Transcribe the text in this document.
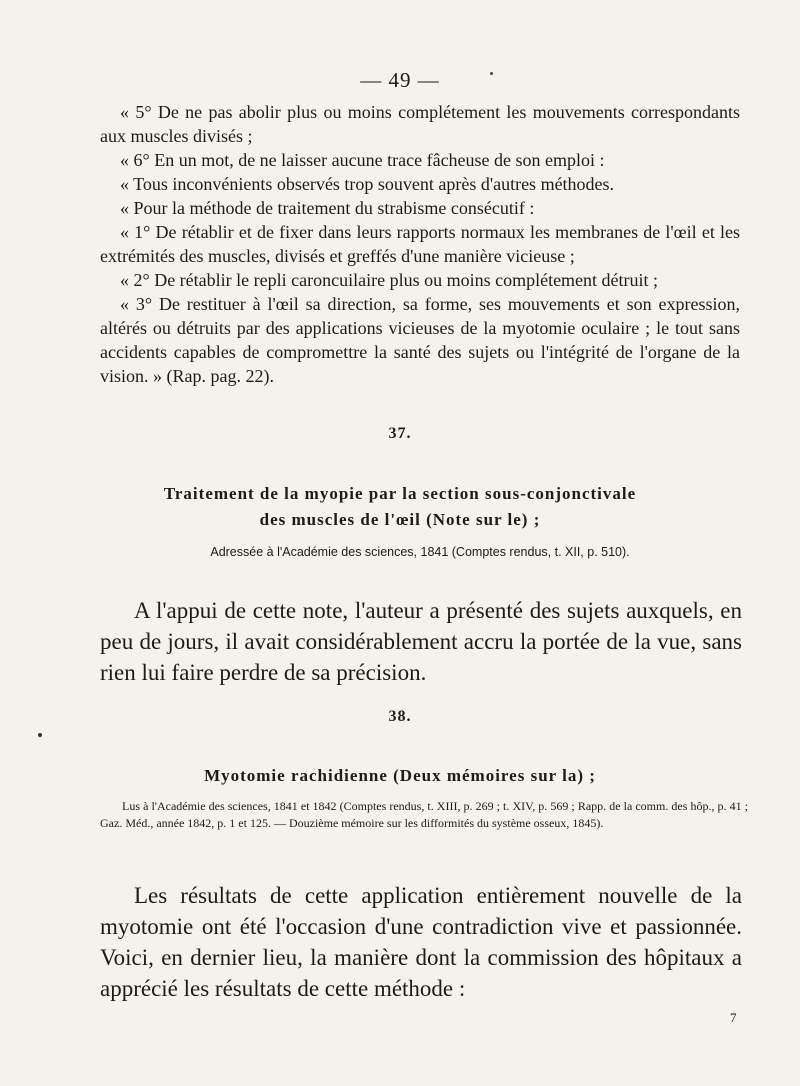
— 49 —

« 5° De ne pas abolir plus ou moins complétement les mouvements correspondants aux muscles divisés ;

« 6° En un mot, de ne laisser aucune trace fâcheuse de son emploi :

« Tous inconvénients observés trop souvent après d'autres méthodes.

« Pour la méthode de traitement du strabisme consécutif :

« 1° De rétablir et de fixer dans leurs rapports normaux les membranes de l'œil et les extrémités des muscles, divisés et greffés d'une manière vicieuse ;

« 2° De rétablir le repli caroncuilaire plus ou moins complétement détruit ;

« 3° De restituer à l'œil sa direction, sa forme, ses mouvements et son expression, altérés ou détruits par des applications vicieuses de la myotomie oculaire ; le tout sans accidents capables de compromettre la santé des sujets ou l'intégrité de l'organe de la vision. » (Rap. pag. 22).

37.
Traitement de la myopie par la section sous-conjonctivale
des muscles de l'œil (Note sur le) ;
Adressée à l'Académie des sciences, 1841 (Comptes rendus, t. XII, p. 510).

A l'appui de cette note, l'auteur a présenté des sujets auxquels, en peu de jours, il avait considérablement accru la portée de la vue, sans rien lui faire perdre de sa précision.

38.
Myotomie rachidienne (Deux mémoires sur la) ;

Lus à l'Académie des sciences, 1841 et 1842 (Comptes rendus, t. XIII, p. 269 ; t. XIV, p. 569 ; Rapp. de la comm. des hôp., p. 41 ; Gaz. Méd., année 1842, p. 1 et 125. — Douzième mémoire sur les difformités du système osseux, 1845).

Les résultats de cette application entièrement nouvelle de la myotomie ont été l'occasion d'une contradiction vive et passionnée. Voici, en dernier lieu, la manière dont la commission des hôpitaux a apprécié les résultats de cette méthode :

7
